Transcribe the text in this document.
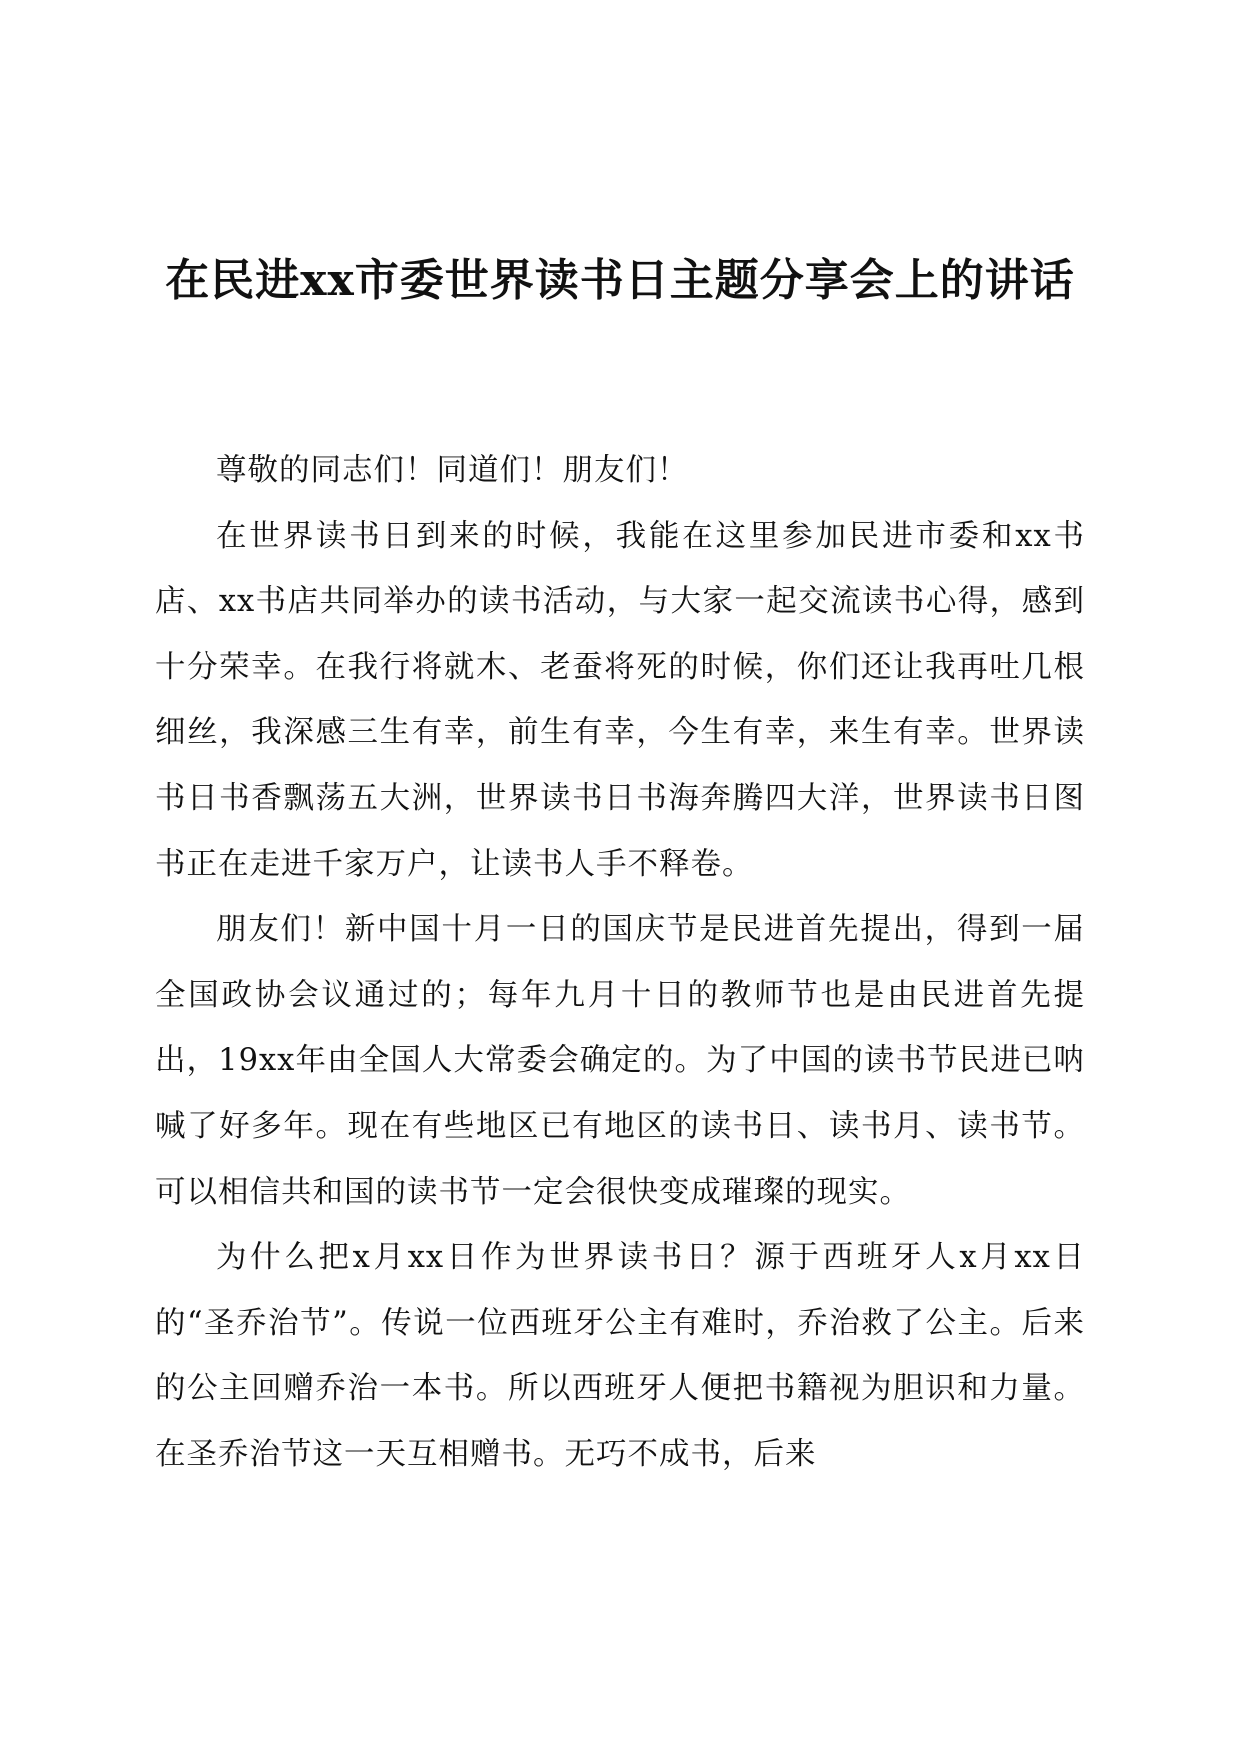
在民进xx市委世界读书日主题分享会上的讲话

尊敬的同志们！同道们！朋友们！

在世界读书日到来的时候，我能在这里参加民进市委和xx书店、xx书店共同举办的读书活动，与大家一起交流读书心得，感到十分荣幸。在我行将就木、老蚕将死的时候，你们还让我再吐几根细丝，我深感三生有幸，前生有幸，今生有幸，来生有幸。世界读书日书香飘荡五大洲，世界读书日书海奔腾四大洋，世界读书日图书正在走进千家万户，让读书人手不释卷。

朋友们！新中国十月一日的国庆节是民进首先提出，得到一届全国政协会议通过的；每年九月十日的教师节也是由民进首先提出，19xx年由全国人大常委会确定的。为了中国的读书节民进已呐喊了好多年。现在有些地区已有地区的读书日、读书月、读书节。可以相信共和国的读书节一定会很快变成璀璨的现实。

为什么把x月xx日作为世界读书日？源于西班牙人x月xx日的“圣乔治节”。传说一位西班牙公主有难时，乔治救了公主。后来的公主回赠乔治一本书。所以西班牙人便把书籍视为胆识和力量。在圣乔治节这一天互相赠书。无巧不成书，后来
